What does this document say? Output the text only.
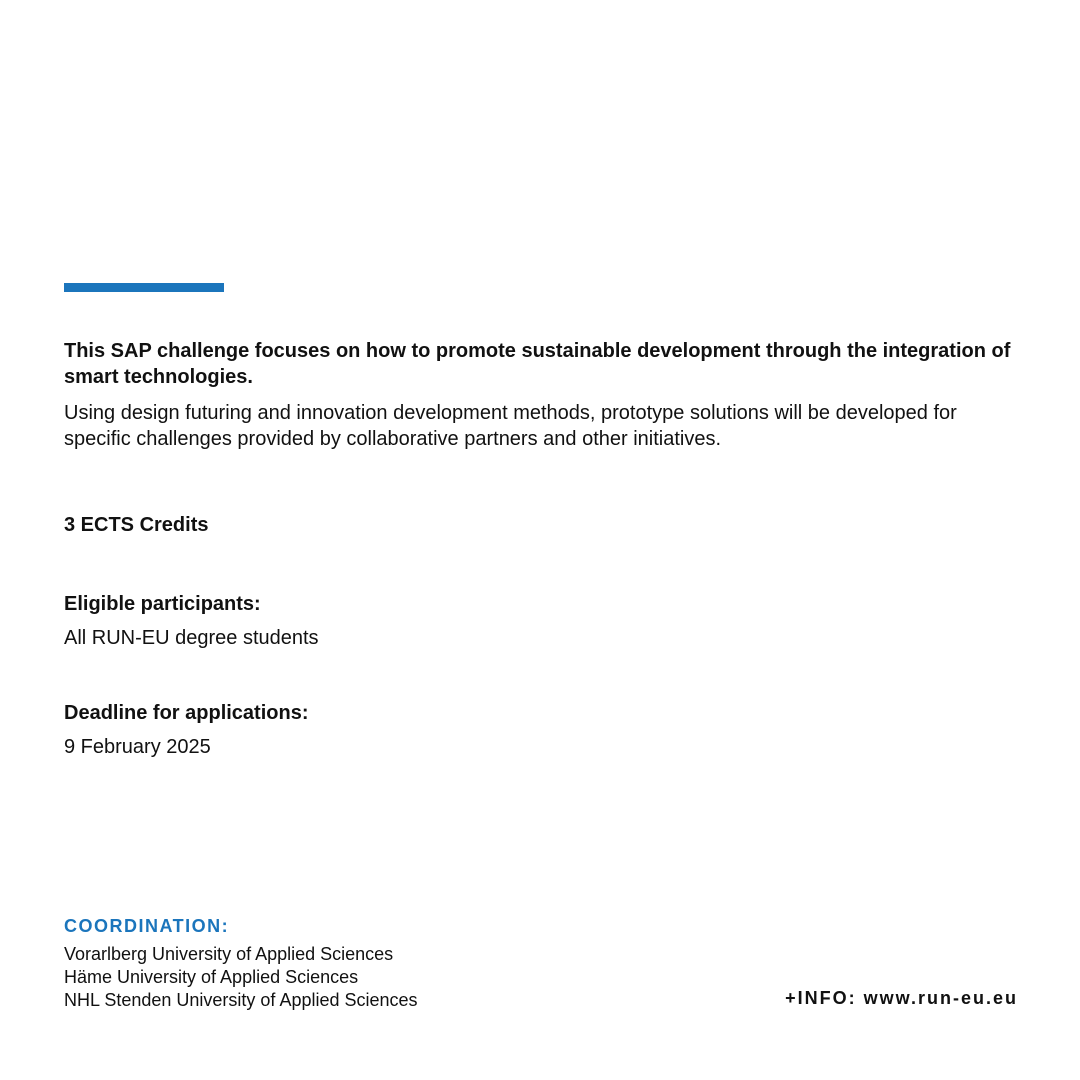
This SAP challenge focuses on how to promote sustainable development through the integration of smart technologies.

Using design futuring and innovation development methods, prototype solutions will be developed for specific challenges provided by collaborative partners and other initiatives.

3 ECTS Credits

Eligible participants:

All RUN-EU degree students

Deadline for applications:

9 February 2025

COORDINATION:

Vorarlberg University of Applied Sciences
Häme University of Applied Sciences
NHL Stenden University of Applied Sciences	+INFO: www.run-eu.eu
